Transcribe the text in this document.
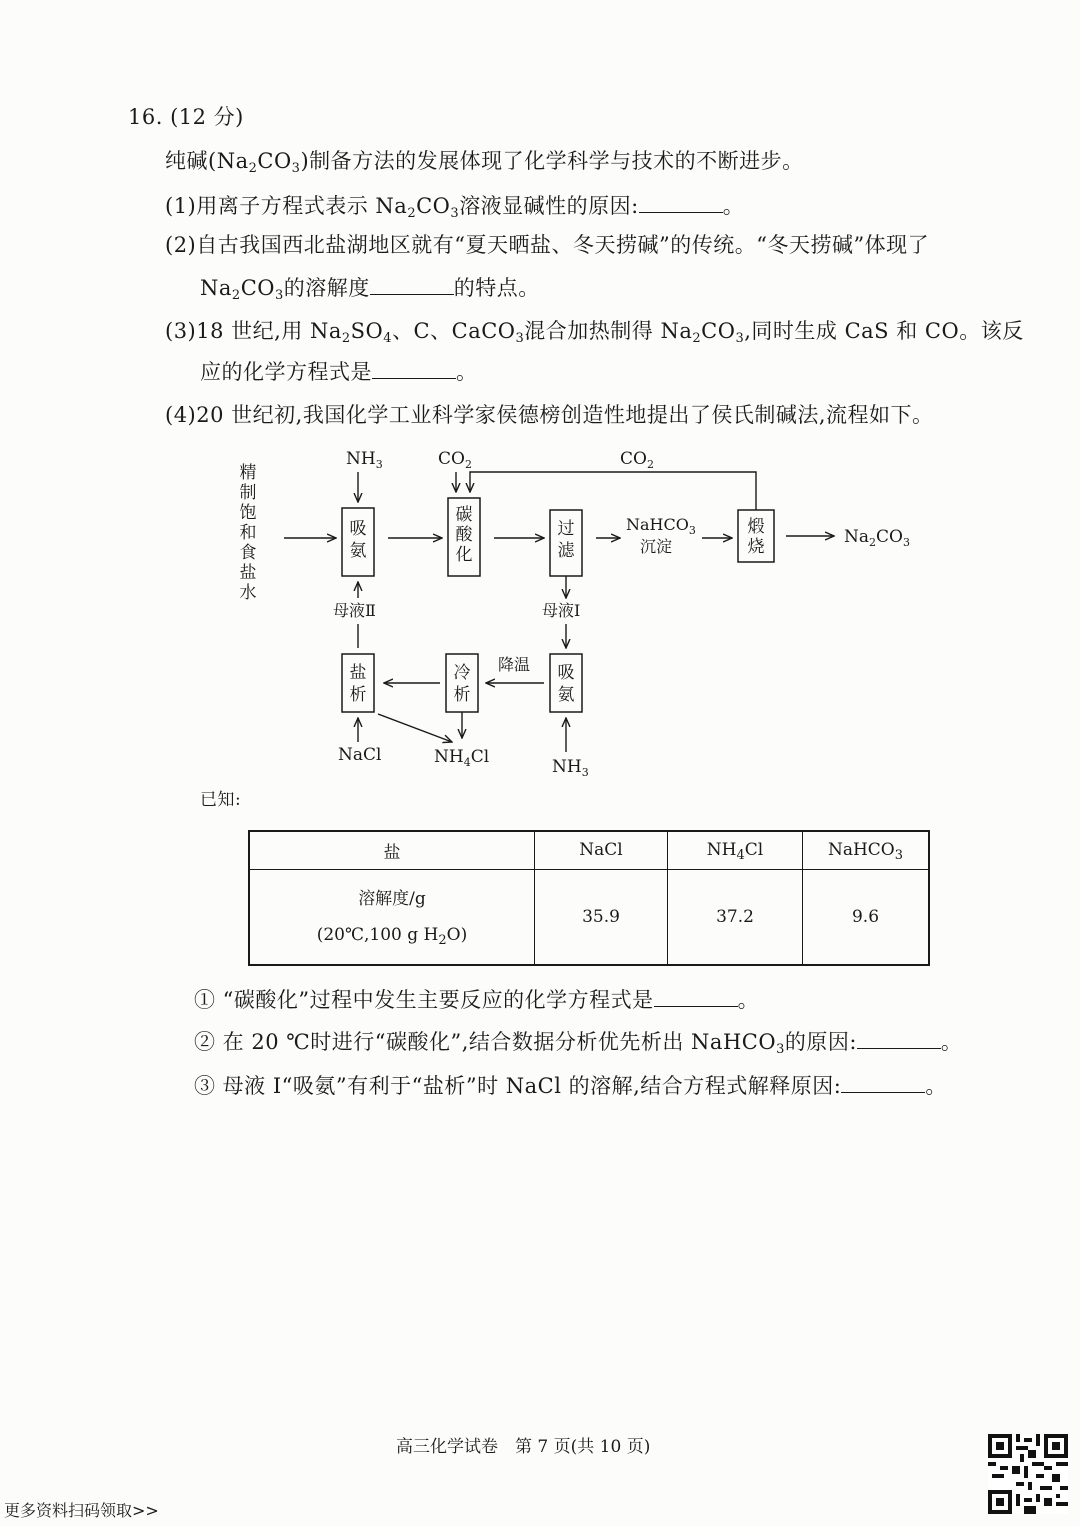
16. (12 分)
纯碱$(Na_2CO_3)$制备方法的发展体现了化学科学与技术的不断进步。
(1)用离子方程式表示 $Na_2CO_3$溶液显碱性的原因:	。
(2)自古我国西北盐湖地区就有“夏天晒盐、冬天捞碱”的传统。“冬天捞碱”体现了
$Na_2CO_3$的溶解度	的特点。
(3)18 世纪,用 $Na_2SO_4$、C、CaCO$_3$混合加热制得 $Na_2CO_3$,同时生成 CaS 和 CO。该反
应的化学方程式是	。
(4)20 世纪初,我国化学工业科学家侯德榜创造性地提出了侯氏制碱法,流程如下。
精
制
饱
和
食
盐
水
吸
氨
碳
酸
化
过
滤
NaHCO$_3$
沉淀
煅
烧	$Na_2CO_3$
盐
析
冷
析
吸
氨
$NH_3$	$CO_2$	$CO_2$
母液Ⅰ
$NH_3$
降温
NaCl	$NH_4Cl$
母液Ⅱ
已知:
盐	NaCl	$NH_4Cl$	NaHCO$_3$

溶解度/g
(20℃,100 g $H_2O$)	35.9	37.2	9.6
① “碳酸化”过程中发生主要反应的化学方程式是	。
② 在 20 ℃时进行“碳酸化”,结合数据分析优先析出 NaHCO$_3$的原因:	。
③ 母液 I“吸氨”有利于“盐析”时 NaCl 的溶解,结合方程式解释原因:	。
高三化学试卷　第 7 页(共 10 页)
更多资料扫码领取>>
